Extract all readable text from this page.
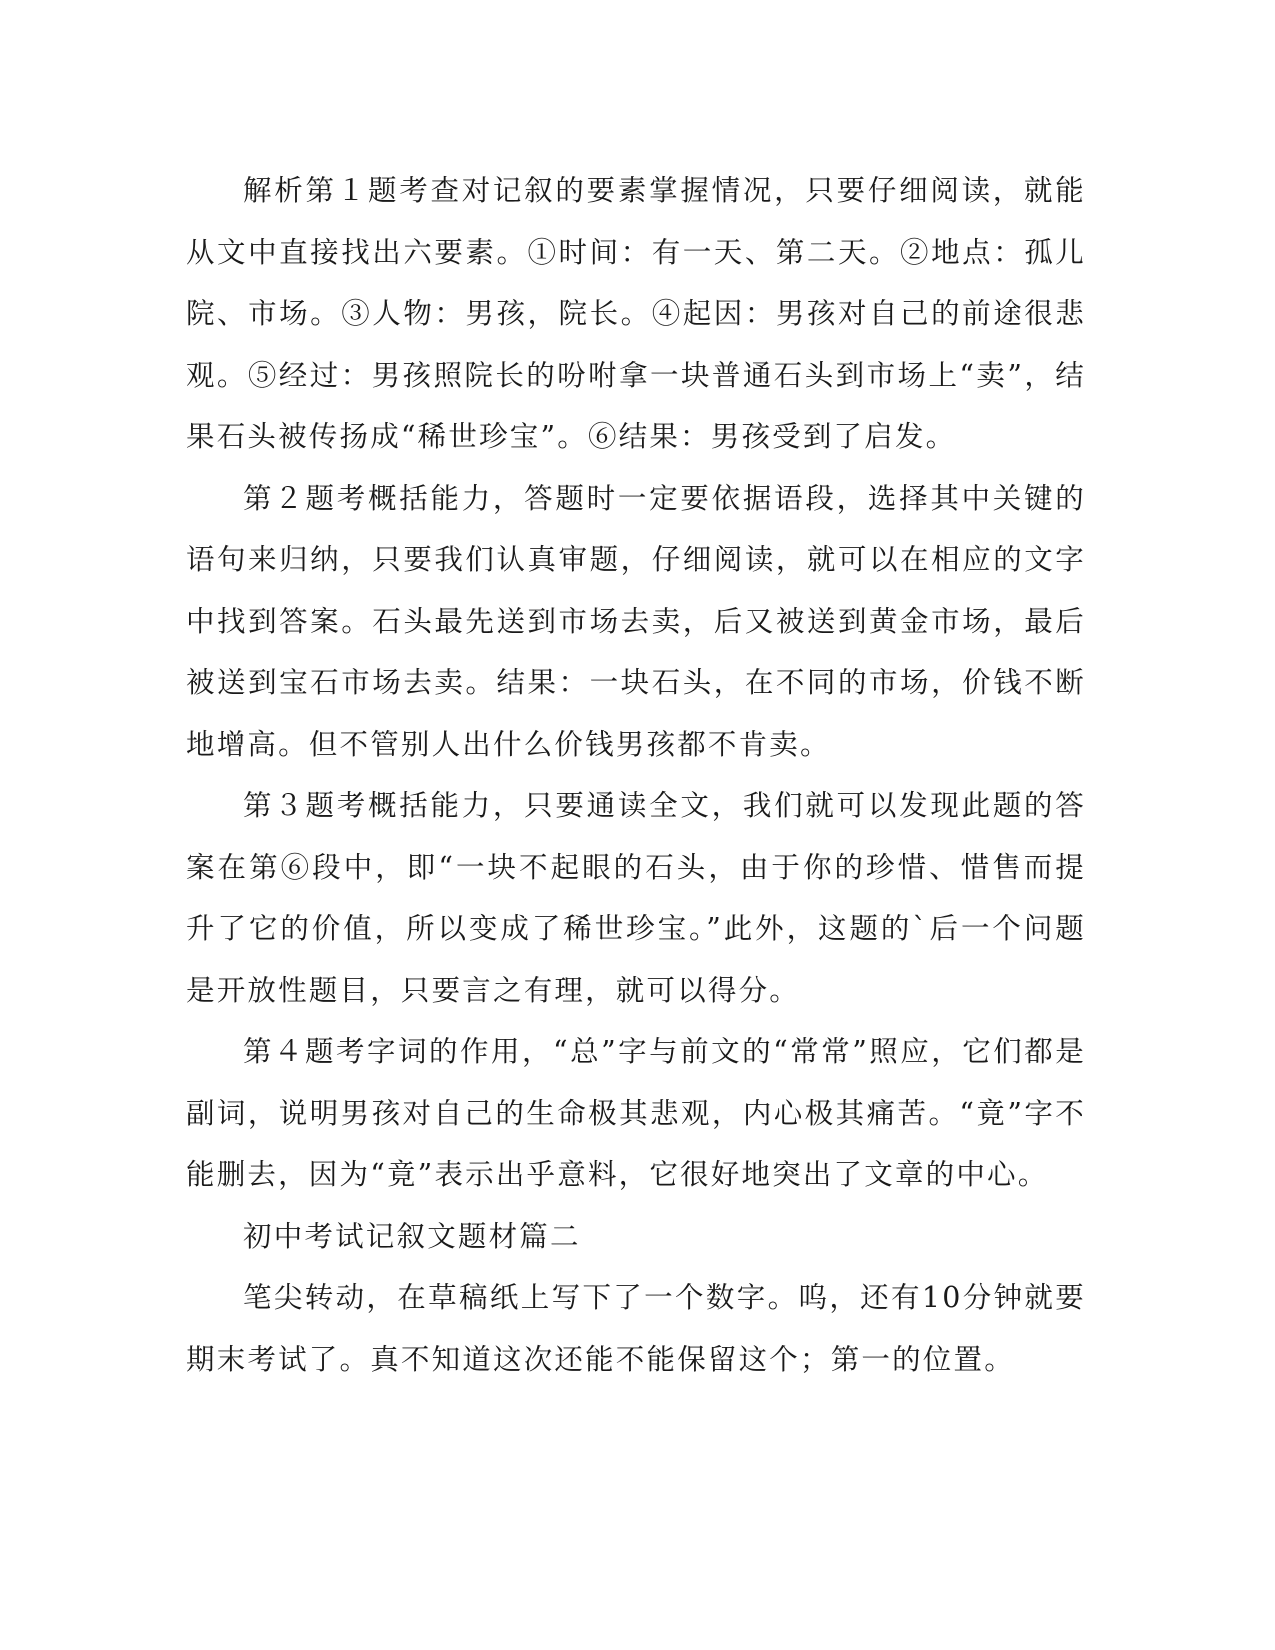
解析第１题考查对记叙的要素掌握情况，只要仔细阅读，就能从文中直接找出六要素。①时间：有一天、第二天。②地点：孤儿院、市场。③人物：男孩，院长。④起因：男孩对自己的前途很悲观。⑤经过：男孩照院长的吩咐拿一块普通石头到市场上“卖”，结果石头被传扬成“稀世珍宝”。⑥结果：男孩受到了启发。

第２题考概括能力，答题时一定要依据语段，选择其中关键的语句来归纳，只要我们认真审题，仔细阅读，就可以在相应的文字中找到答案。石头最先送到市场去卖，后又被送到黄金市场，最后被送到宝石市场去卖。结果：一块石头，在不同的市场，价钱不断地增高。但不管别人出什么价钱男孩都不肯卖。

第３题考概括能力，只要通读全文，我们就可以发现此题的答案在第⑥段中，即“一块不起眼的石头，由于你的珍惜、惜售而提升了它的价值，所以变成了稀世珍宝。”此外，这题的`后一个问题是开放性题目，只要言之有理，就可以得分。

第４题考字词的作用，“总”字与前文的“常常”照应，它们都是副词，说明男孩对自己的生命极其悲观，内心极其痛苦。“竟”字不能删去，因为“竟”表示出乎意料，它很好地突出了文章的中心。

初中考试记叙文题材篇二

笔尖转动，在草稿纸上写下了一个数字。呜，还有10分钟就要期末考试了。真不知道这次还能不能保留这个；第一的位置。
